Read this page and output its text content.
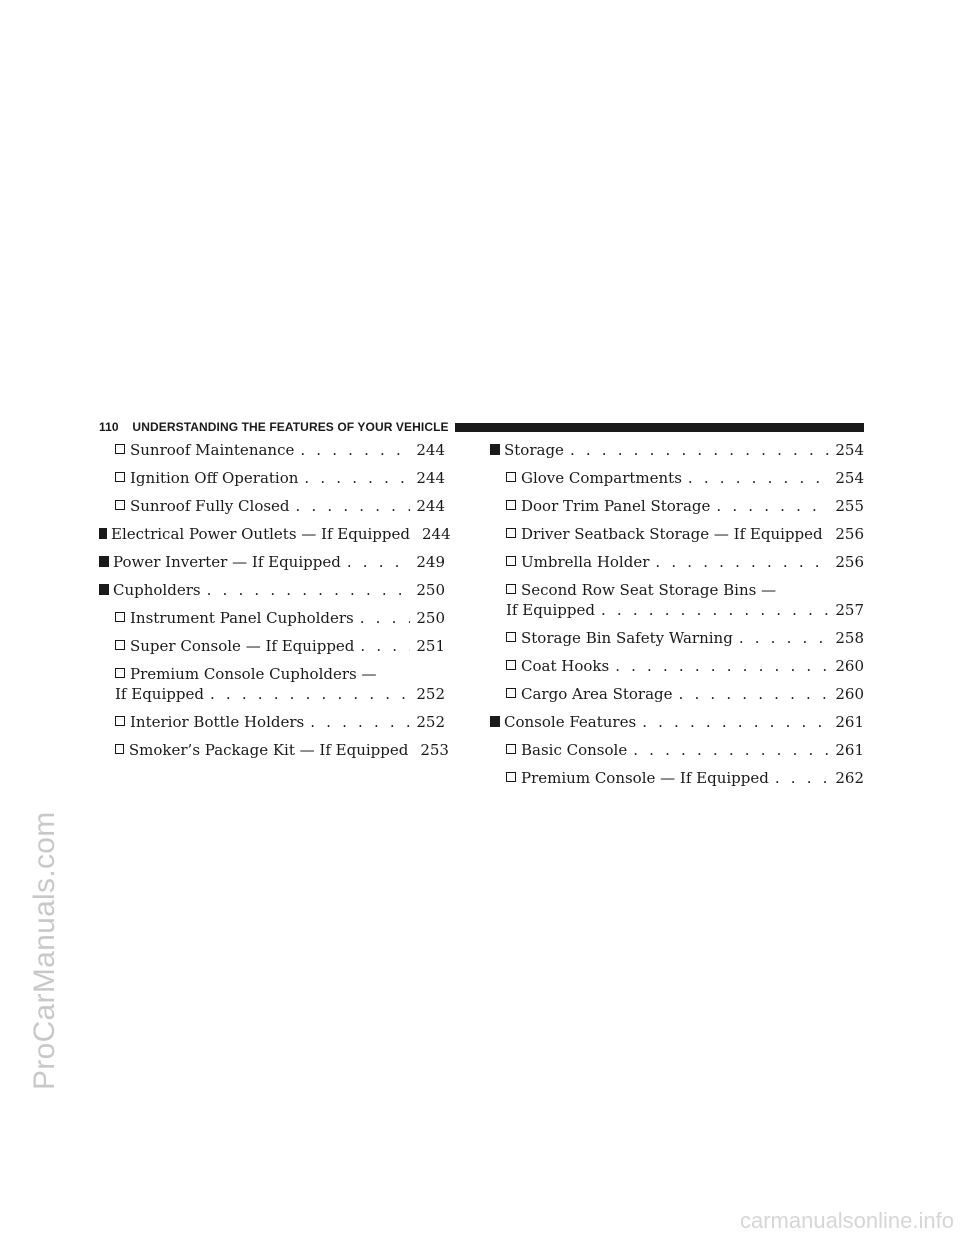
110 UNDERSTANDING THE FEATURES OF YOUR VEHICLE
Sunroof Maintenance . . .	244
Ignition Off Operation . . .	244
Sunroof Fully Closed . . .	244
Electrical Power Outlets — If Equipped 244
Power Inverter — If Equipped . . .	249
Cupholders . . .	250
Instrument Panel Cupholders . . .	250
Super Console — If Equipped . . .	251
Premium Console Cupholders —
If Equipped . . .	252
Interior Bottle Holders . . .	252
Smoker’s Package Kit — If Equipped 253
Storage . . .	254
Glove Compartments . . .	254
Door Trim Panel Storage . . .	255
Driver Seatback Storage — If Equipped . . . 256
Umbrella Holder . . .	256
Second Row Seat Storage Bins —
If Equipped . . .	257
Storage Bin Safety Warning . . .	258
Coat Hooks . . .	260
Cargo Area Storage . . .	260
Console Features . . .	261
Basic Console . . .	261
Premium Console — If Equipped . . .	262
ProCarManuals.com
carmanualsonline.info
